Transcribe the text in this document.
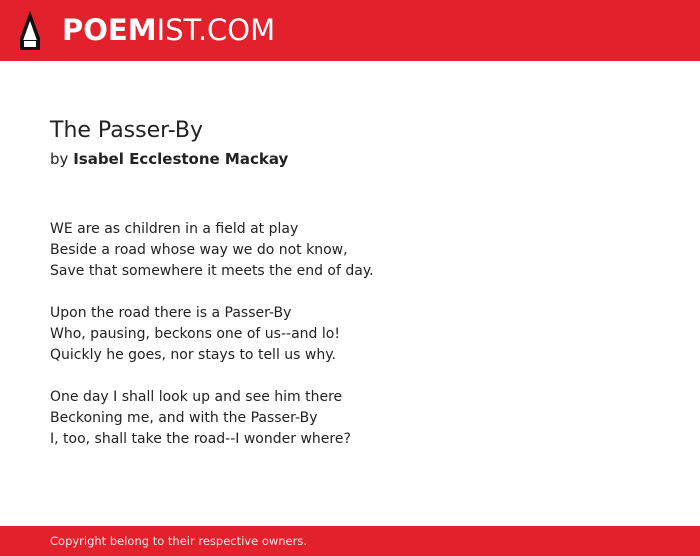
POEMIST.COM
The Passer-By
by Isabel Ecclestone Mackay
WE are as children in a field at play
Beside a road whose way we do not know,
Save that somewhere it meets the end of day.
Upon the road there is a Passer-By
Who, pausing, beckons one of us--and lo!
Quickly he goes, nor stays to tell us why.
One day I shall look up and see him there
Beckoning me, and with the Passer-By
I, too, shall take the road--I wonder where?
Copyright belong to their respective owners.
